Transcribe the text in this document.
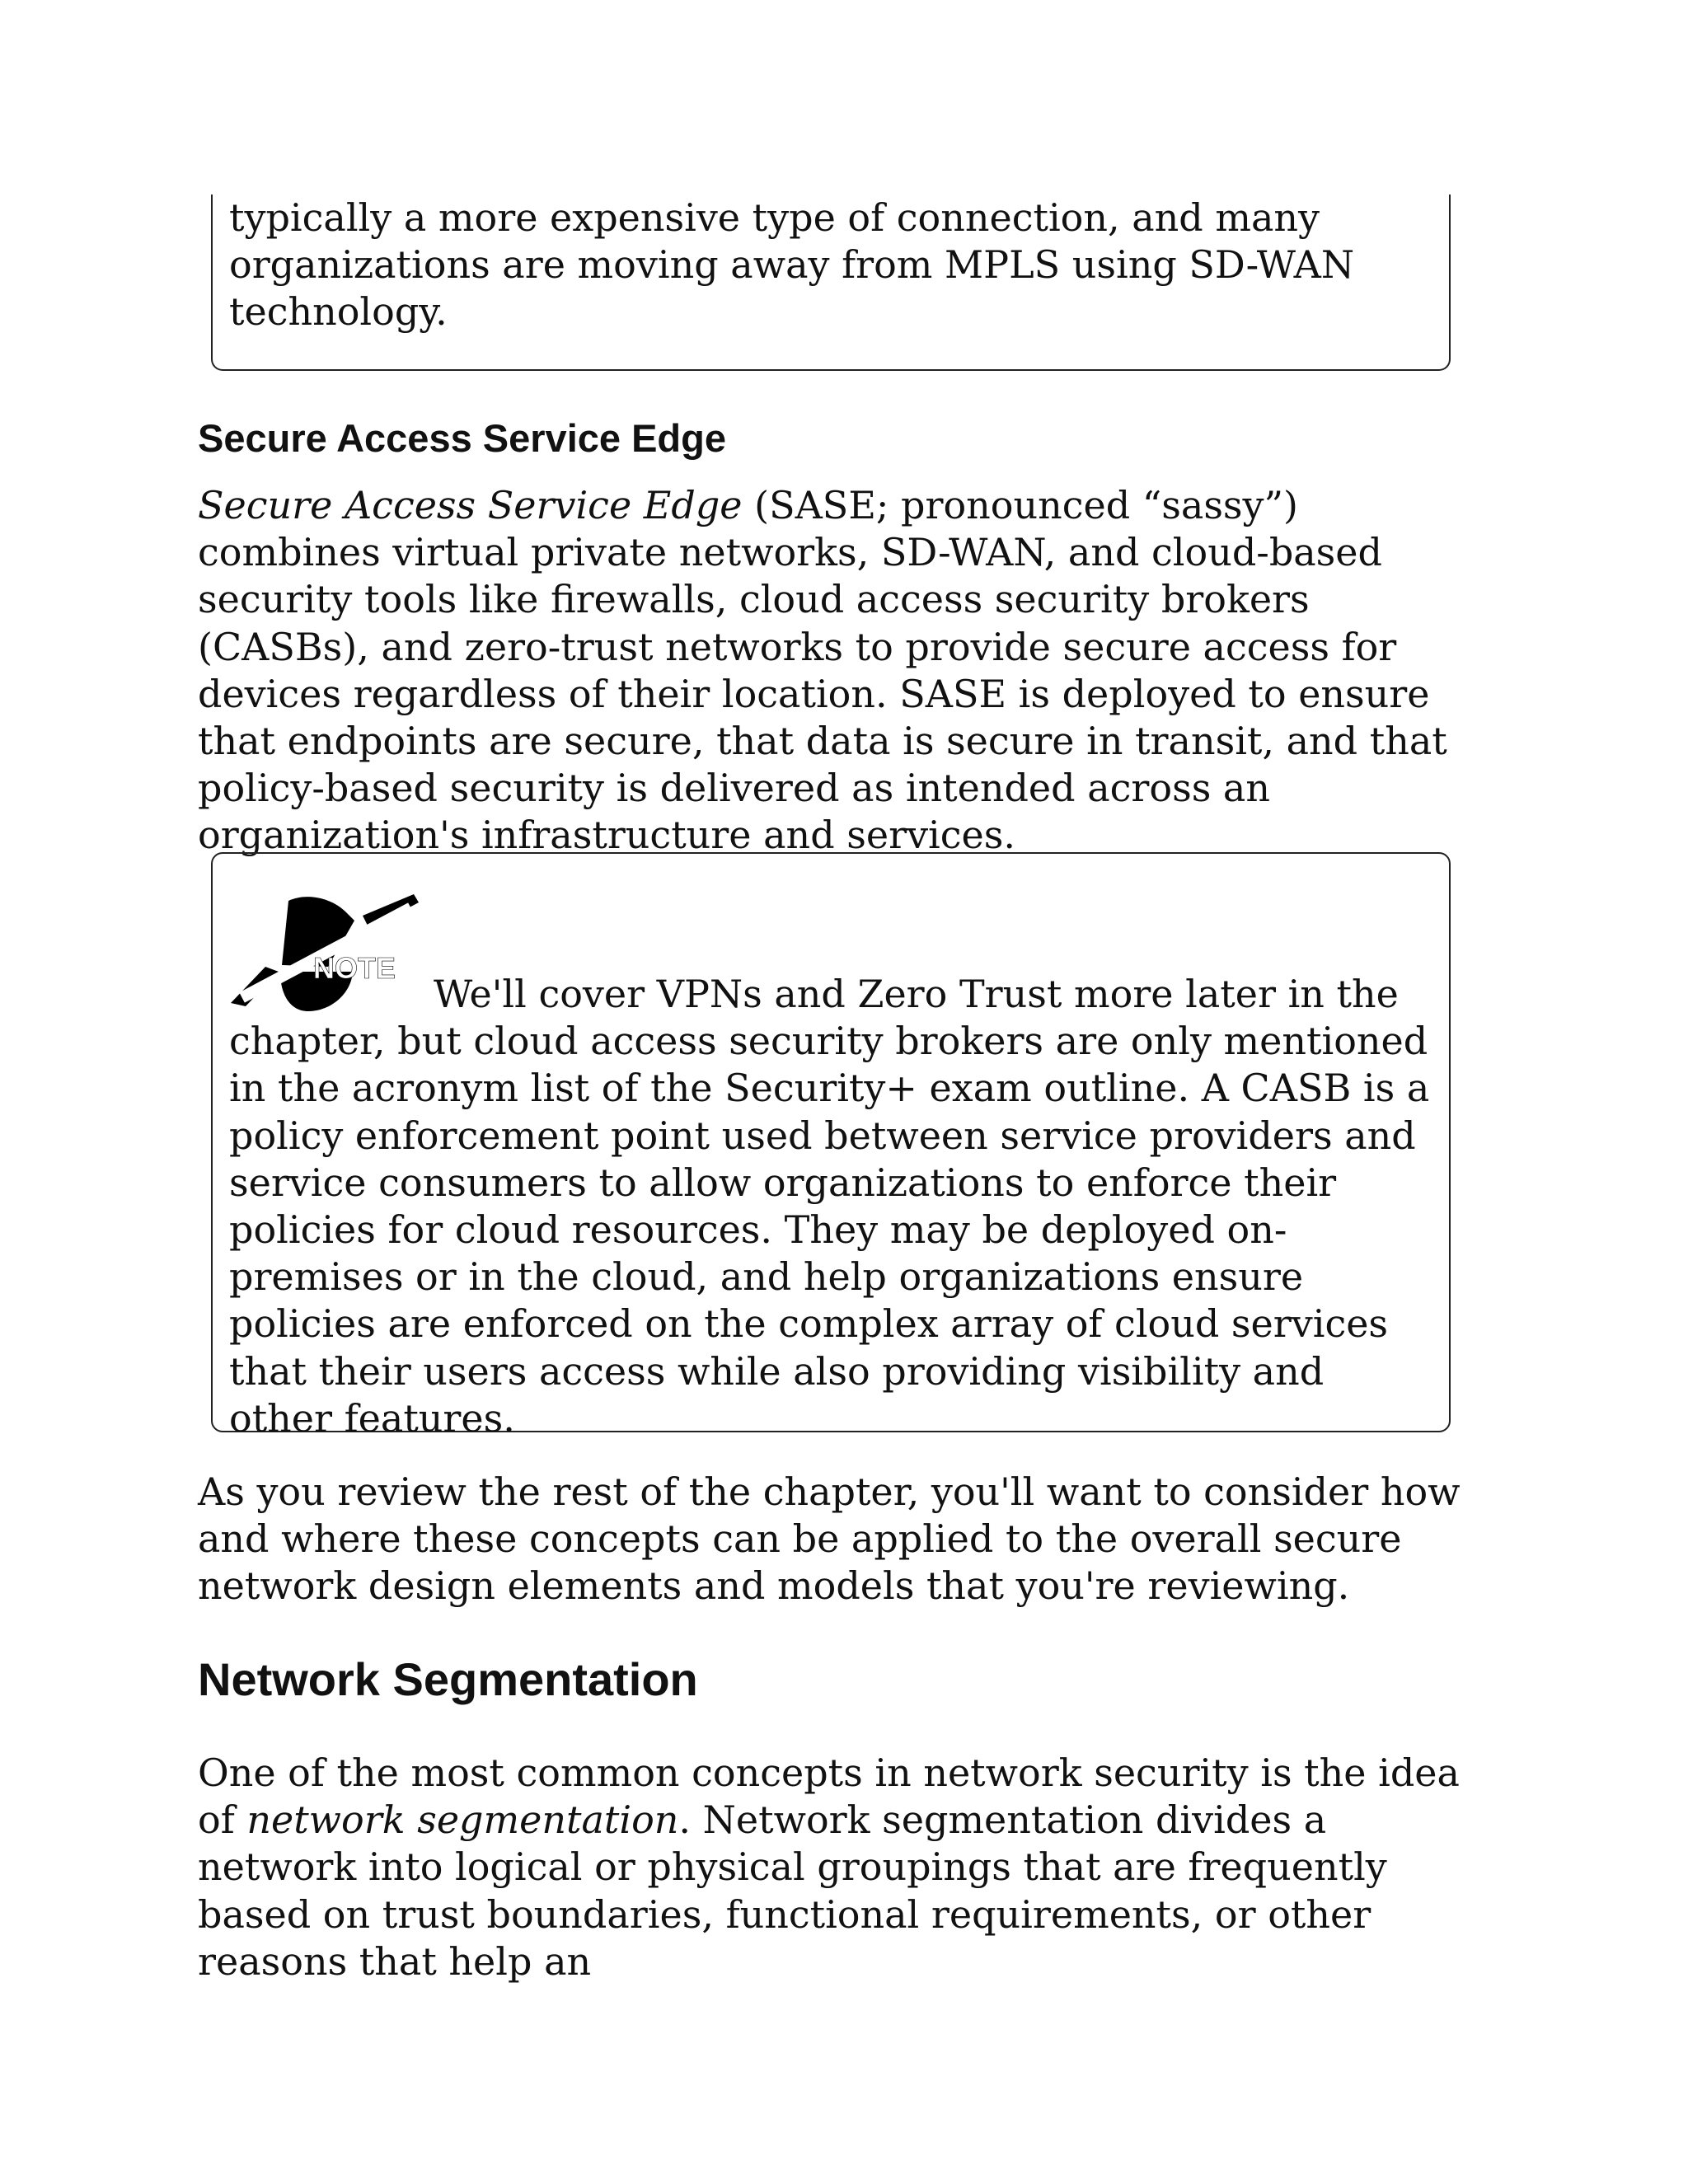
typically a more expensive type of connection, and many organizations are moving away from MPLS using SD-WAN technology.

Secure Access Service Edge

Secure Access Service Edge (SASE; pronounced “sassy”) combines virtual private networks, SD-WAN, and cloud-based security tools like firewalls, cloud access security brokers (CASBs), and zero-trust networks to provide secure access for devices regardless of their location. SASE is deployed to ensure that endpoints are secure, that data is secure in transit, and that policy-based security is delivered as intended across an organization's infrastructure and services.

NOTE

We'll cover VPNs and Zero Trust more later in the chapter, but cloud access security brokers are only mentioned in the acronym list of the Security+ exam outline. A CASB is a policy enforcement point used between service providers and service consumers to allow organizations to enforce their policies for cloud resources. They may be deployed on-premises or in the cloud, and help organizations ensure policies are enforced on the complex array of cloud services that their users access while also providing visibility and other features.

As you review the rest of the chapter, you'll want to consider how and where these concepts can be applied to the overall secure network design elements and models that you're reviewing.

Network Segmentation

One of the most common concepts in network security is the idea of network segmentation. Network segmentation divides a network into logical or physical groupings that are frequently based on trust boundaries, functional requirements, or other reasons that help an
